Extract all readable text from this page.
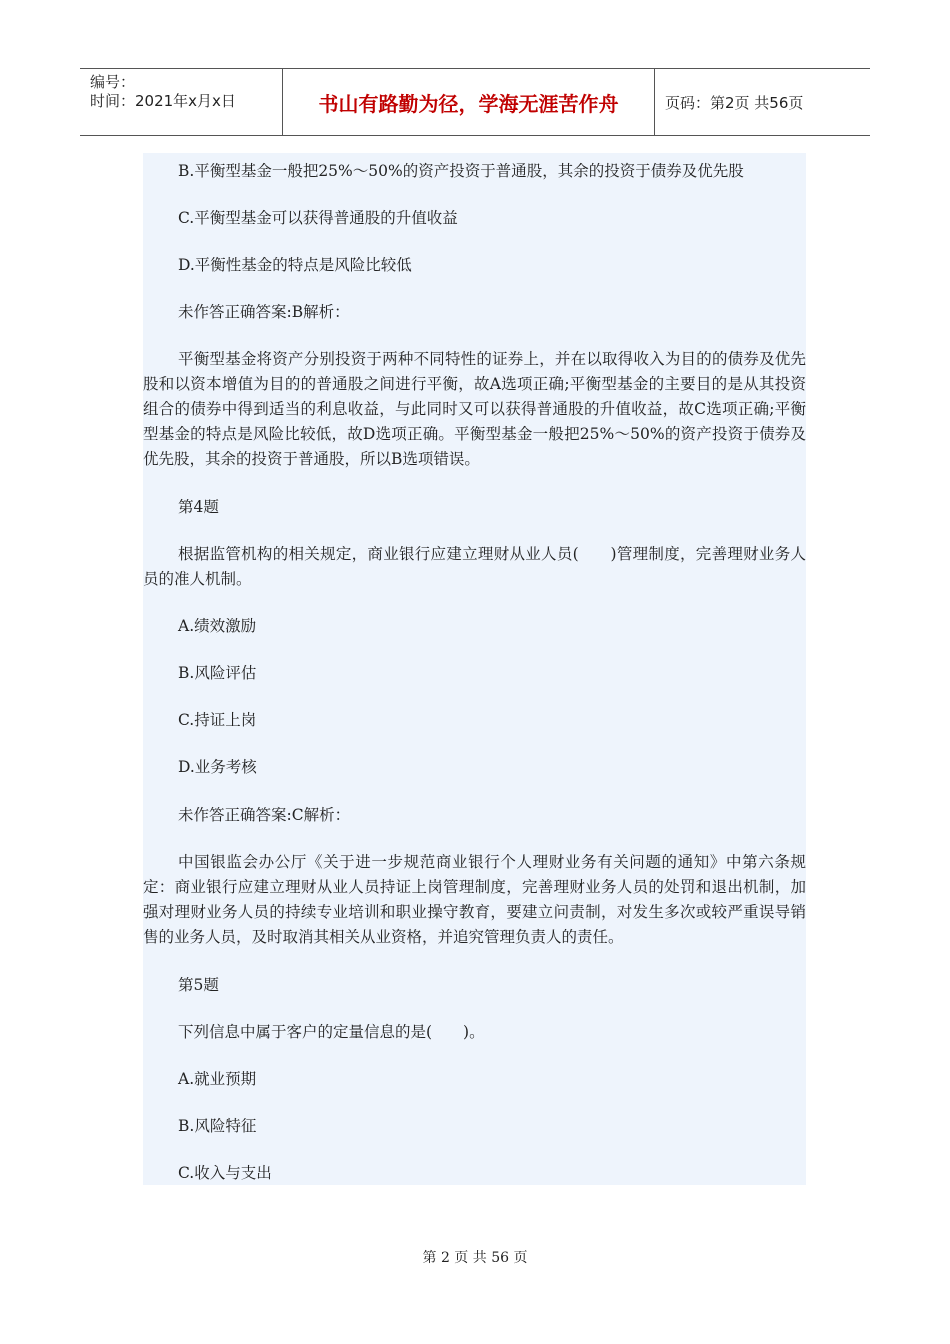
编号：
时间：2021年x月x日	书山有路勤为径，学海无涯苦作舟	页码：第2页 共56页
B.平衡型基金一般把25%～50%的资产投资于普通股，其余的投资于债券及优先股
C.平衡型基金可以获得普通股的升值收益
D.平衡性基金的特点是风险比较低
未作答正确答案:B解析：
平衡型基金将资产分别投资于两种不同特性的证券上，并在以取得收入为目的的债券及优先股和以资本增值为目的的普通股之间进行平衡，故A选项正确;平衡型基金的主要目的是从其投资组合的债券中得到适当的利息收益，与此同时又可以获得普通股的升值收益，故C选项正确;平衡型基金的特点是风险比较低，故D选项正确。平衡型基金一般把25%～50%的资产投资于债券及优先股，其余的投资于普通股，所以B选项错误。
第4题
根据监管机构的相关规定，商业银行应建立理财从业人员(　　)管理制度，完善理财业务人员的准人机制。
A.绩效激励
B.风险评估
C.持证上岗
D.业务考核
未作答正确答案:C解析：
中国银监会办公厅《关于进一步规范商业银行个人理财业务有关问题的通知》中第六条规定：商业银行应建立理财从业人员持证上岗管理制度，完善理财业务人员的处罚和退出机制，加强对理财业务人员的持续专业培训和职业操守教育，要建立问责制，对发生多次或较严重误导销售的业务人员，及时取消其相关从业资格，并追究管理负责人的责任。
第5题
下列信息中属于客户的定量信息的是(　　)。
A.就业预期
B.风险特征
C.收入与支出
第 2 页 共 56 页
